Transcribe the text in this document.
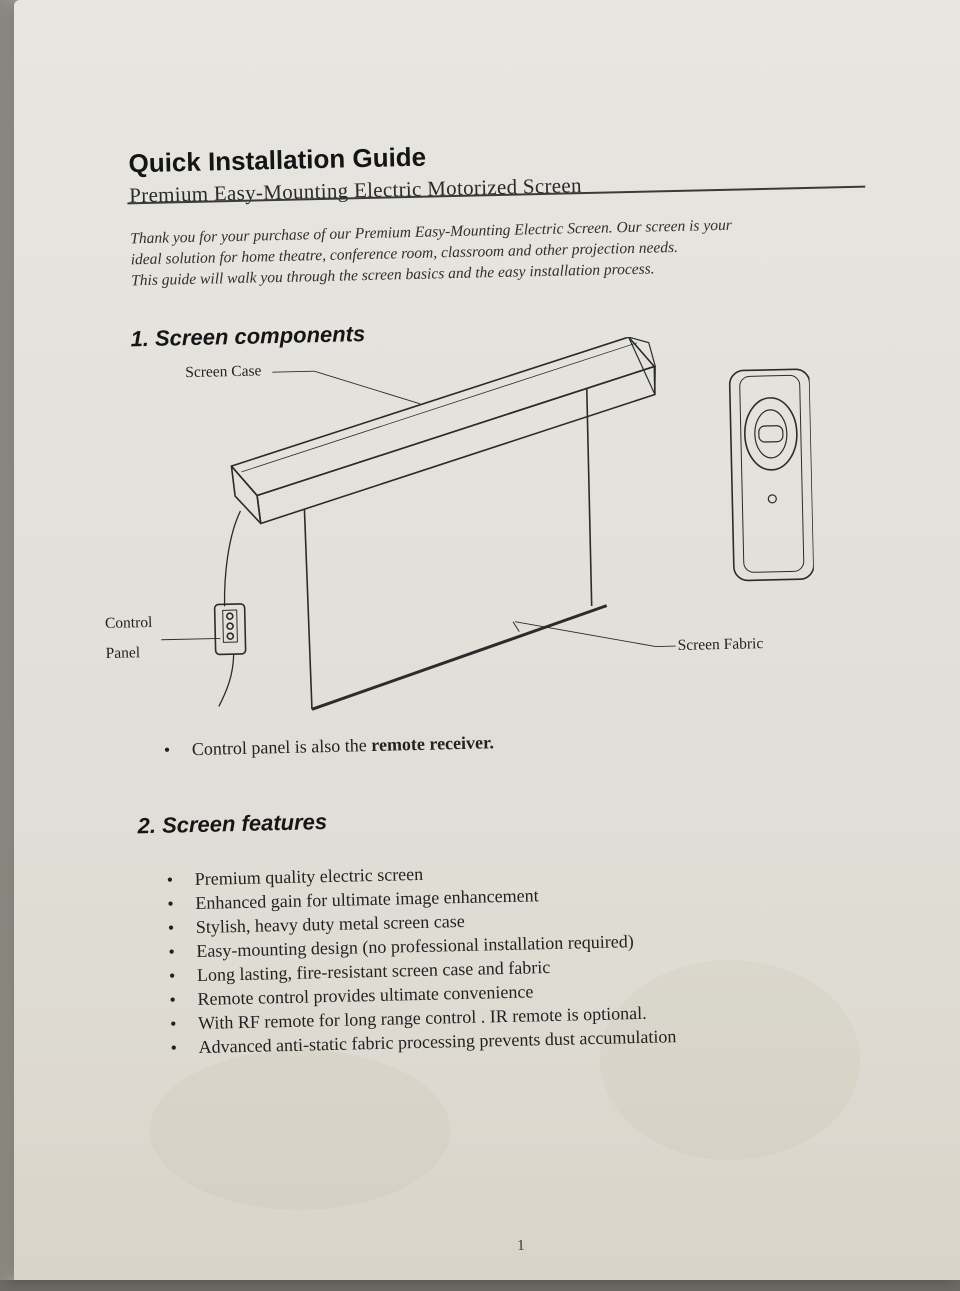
Quick Installation Guide
Premium Easy-Mounting Electric Motorized Screen

Thank you for your purchase of our Premium Easy-Mounting Electric Screen. Our screen is your

ideal solution for home theatre, conference room, classroom and other projection needs.

This guide will walk you through the screen basics and the easy installation process.

1. Screen components
Screen Case
Control
Panel	Screen Fabric
• Control panel is also the remote receiver.
2. Screen features
• Premium quality electric screen
• Enhanced gain for ultimate image enhancement
• Stylish, heavy duty metal screen case
• Easy-mounting design (no professional installation required)
• Long lasting, fire-resistant screen case and fabric
• Remote control provides ultimate convenience
• With RF remote for long range control . IR remote is optional.
• Advanced anti-static fabric processing prevents dust accumulation
1
